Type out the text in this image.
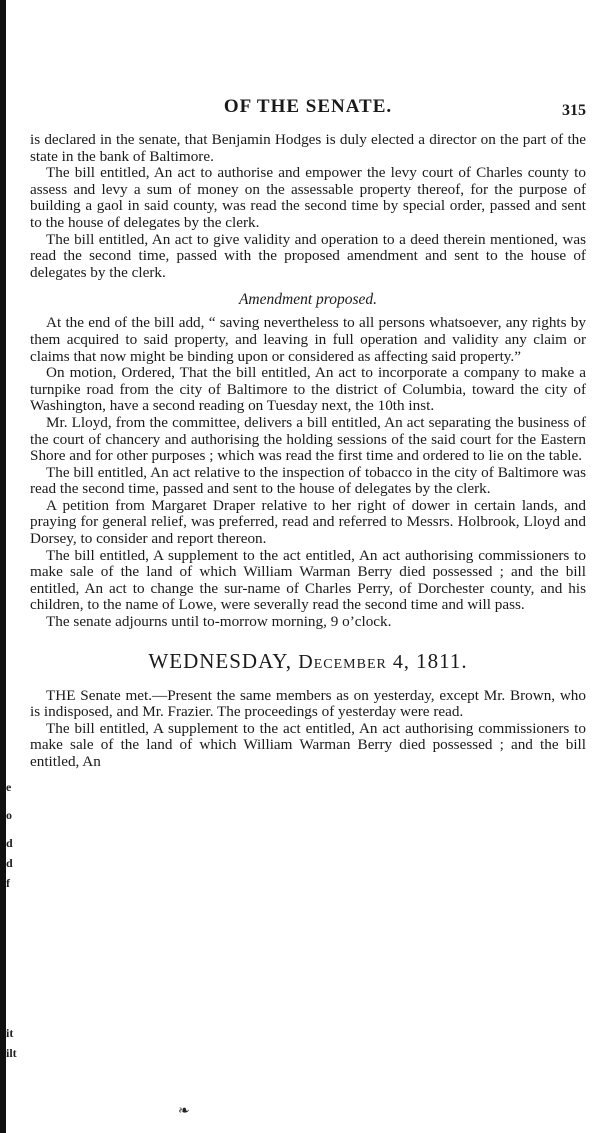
e
o
d
d
f
it
ilt
OF THE SENATE.	315

is declared in the senate, that Benjamin Hodges is duly elected a director on the part of the state in the bank of Baltimore.

The bill entitled, An act to authorise and empower the levy court of Charles county to assess and levy a sum of money on the assessable property thereof, for the purpose of building a gaol in said county, was read the second time by special order, passed and sent to the house of delegates by the clerk.

The bill entitled, An act to give validity and operation to a deed therein mentioned, was read the second time, passed with the proposed amendment and sent to the house of delegates by the clerk.

Amendment proposed.

At the end of the bill add, “ saving nevertheless to all persons whatsoever, any rights by them acquired to said property, and leaving in full operation and validity any claim or claims that now might be binding upon or considered as affecting said property.”

On motion, Ordered, That the bill entitled, An act to incorporate a company to make a turnpike road from the city of Baltimore to the district of Columbia, toward the city of Washington, have a second reading on Tuesday next, the 10th inst.

Mr. Lloyd, from the committee, delivers a bill entitled, An act separating the business of the court of chancery and authorising the holding sessions of the said court for the Eastern Shore and for other purposes ; which was read the first time and ordered to lie on the table.

The bill entitled, An act relative to the inspection of tobacco in the city of Baltimore was read the second time, passed and sent to the house of delegates by the clerk.

A petition from Margaret Draper relative to her right of dower in certain lands, and praying for general relief, was preferred, read and referred to Messrs. Holbrook, Lloyd and Dorsey, to consider and report thereon.

The bill entitled, A supplement to the act entitled, An act authorising commissioners to make sale of the land of which William Warman Berry died possessed ; and the bill entitled, An act to change the sur-name of Charles Perry, of Dorchester county, and his children, to the name of Lowe, were severally read the second time and will pass.

The senate adjourns until to-morrow morning, 9 o’clock.

WEDNESDAY, December 4, 1811.

THE Senate met.—Present the same members as on yesterday, except Mr. Brown, who is indisposed, and Mr. Frazier. The proceedings of yesterday were read.

The bill entitled, A supplement to the act entitled, An act authorising commissioners to make sale of the land of which William Warman Berry died possessed ; and the bill entitled, An

❧
